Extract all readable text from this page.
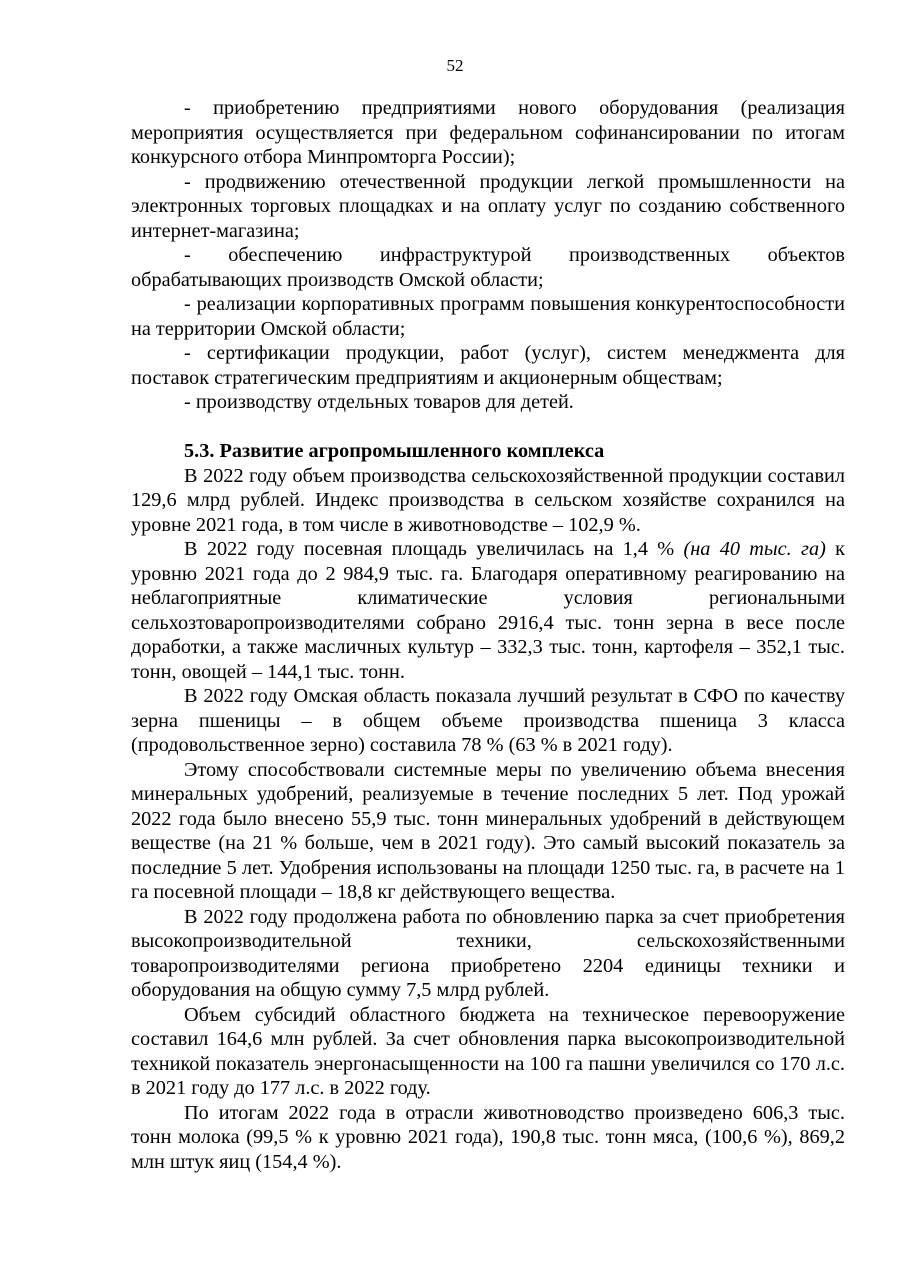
52

- приобретению предприятиями нового оборудования (реализация мероприятия осуществляется при федеральном софинансировании по итогам конкурсного отбора Минпромторга России);

- продвижению отечественной продукции легкой промышленности на электронных торговых площадках и на оплату услуг по созданию собственного интернет-магазина;

- обеспечению инфраструктурой производственных объектов обрабатывающих производств Омской области;

- реализации корпоративных программ повышения конкурентоспособности на территории Омской области;

- сертификации продукции, работ (услуг), систем менеджмента для поставок стратегическим предприятиям и акционерным обществам;

- производству отдельных товаров для детей.

5.3. Развитие агропромышленного комплекса

В 2022 году объем производства сельскохозяйственной продукции составил 129,6 млрд рублей. Индекс производства в сельском хозяйстве сохранился на уровне 2021 года, в том числе в животноводстве – 102,9 %.

В 2022 году посевная площадь увеличилась на 1,4 % (на 40 тыс. га) к уровню 2021 года до 2 984,9 тыс. га. Благодаря оперативному реагированию на неблагоприятные климатические условия региональными сельхозтоваропроизводителями собрано 2916,4 тыс. тонн зерна в весе после доработки, а также масличных культур – 332,3 тыс. тонн, картофеля – 352,1 тыс. тонн, овощей – 144,1 тыс. тонн.

В 2022 году Омская область показала лучший результат в СФО по качеству зерна пшеницы – в общем объеме производства пшеница 3 класса (продовольственное зерно) составила 78 % (63 % в 2021 году).

Этому способствовали системные меры по увеличению объема внесения минеральных удобрений, реализуемые в течение последних 5 лет. Под урожай 2022 года было внесено 55,9 тыс. тонн минеральных удобрений в действующем веществе (на 21 % больше, чем в 2021 году). Это самый высокий показатель за последние 5 лет. Удобрения использованы на площади 1250 тыс. га, в расчете на 1 га посевной площади – 18,8 кг действующего вещества.

В 2022 году продолжена работа по обновлению парка за счет приобретения высокопроизводительной техники, сельскохозяйственными товаропроизводителями региона приобретено 2204 единицы техники и оборудования на общую сумму 7,5 млрд рублей.

Объем субсидий областного бюджета на техническое перевооружение составил 164,6 млн рублей. За счет обновления парка высокопроизводительной техникой показатель энергонасыщенности на 100 га пашни увеличился со 170 л.с. в 2021 году до 177 л.с. в 2022 году.

По итогам 2022 года в отрасли животноводство произведено 606,3 тыс. тонн молока (99,5 % к уровню 2021 года), 190,8 тыс. тонн мяса, (100,6 %), 869,2 млн штук яиц (154,4 %).
